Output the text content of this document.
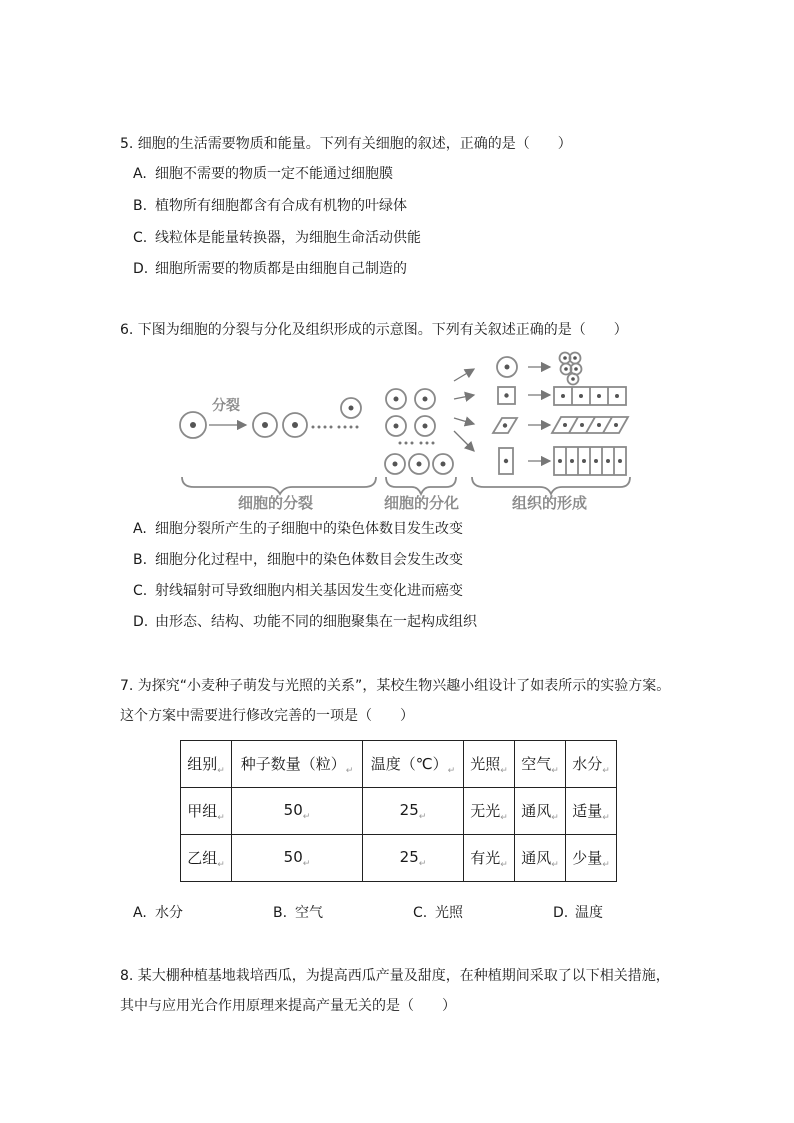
5. 细胞的生活需要物质和能量。下列有关细胞的叙述，正确的是（　　）
A. 细胞不需要的物质一定不能通过细胞膜
B. 植物所有细胞都含有合成有机物的叶绿体
C. 线粒体是能量转换器，为细胞生命活动供能
D. 细胞所需要的物质都是由细胞自己制造的
6. 下图为细胞的分裂与分化及组织形成的示意图。下列有关叙述正确的是（　　）
分裂
细胞的分裂	细胞的分化	组织的形成
A. 细胞分裂所产生的子细胞中的染色体数目发生改变
B. 细胞分化过程中，细胞中的染色体数目会发生改变
C. 射线辐射可导致细胞内相关基因发生变化进而癌变
D. 由形态、结构、功能不同的细胞聚集在一起构成组织
7. 为探究“小麦种子萌发与光照的关系”，某校生物兴趣小组设计了如表所示的实验方案。
这个方案中需要进行修改完善的一项是（　　）
组别$_↵$	种子数量（粒）$_↵$	温度$(℃)_↵$	光照$_↵$	空气$_↵$	水分$_↵$
甲组$_↵$	$50_↵$	$25_↵$	无光$_↵$	通风$_↵$	适量$_↵$
乙组$_↵$	$50_↵$	$25_↵$	有光$_↵$	通风$_↵$	少量$_↵$
A. 水分	B. 空气	C. 光照	D. 温度
8. 某大棚种植基地栽培西瓜，为提高西瓜产量及甜度，在种植期间采取了以下相关措施，
其中与应用光合作用原理来提高产量无关的是（　　）
